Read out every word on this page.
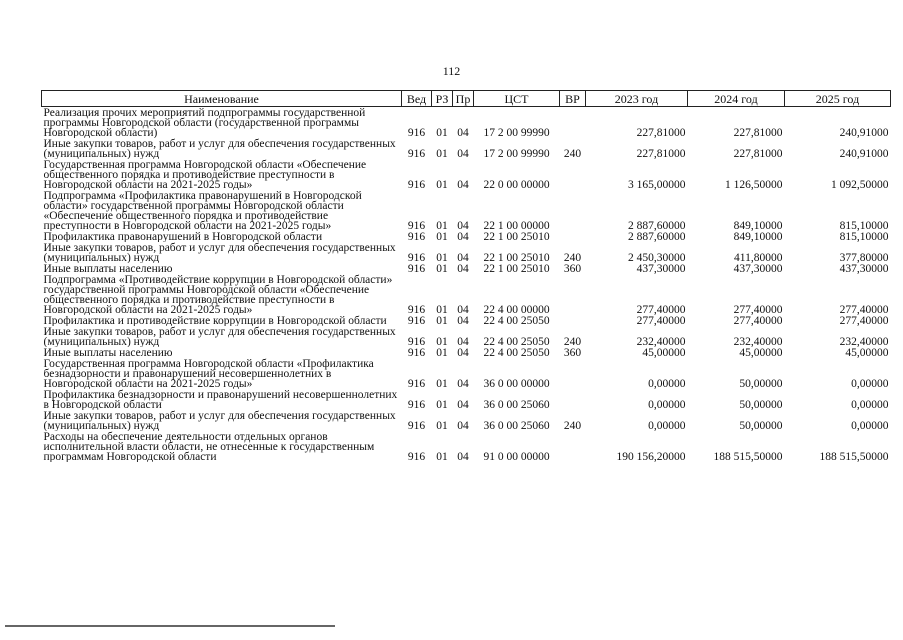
112
Наименование	Вед	РЗ	Пр	ЦСТ	ВР	2023 год	2024 год	2025 год
Реализация прочих мероприятий подпрограммы государственной программы Новгородской области (государственной программы Новгородской области)	916	01	04	17 2 00 99990		227,81000	227,81000	240,91000
Иные закупки товаров, работ и услуг для обеспечения государственных (муниципальных) нужд	916	01	04	17 2 00 99990	240	227,81000	227,81000	240,91000
Государственная программа Новгородской области «Обеспечение общественного порядка и противодействие преступности в Новгородской области на 2021-2025 годы»	916	01	04	22 0 00 00000		3 165,00000	1 126,50000	1 092,50000
Подпрограмма «Профилактика правонарушений в Новгородской области» государственной программы Новгородской области «Обеспечение общественного порядка и противодействие преступности в Новгородской области на 2021-2025 годы»	916	01	04	22 1 00 00000		2 887,60000	849,10000	815,10000
Профилактика правонарушений в Новгородской области	916	01	04	22 1 00 25010		2 887,60000	849,10000	815,10000
Иные закупки товаров, работ и услуг для обеспечения государственных (муниципальных) нужд	916	01	04	22 1 00 25010	240	2 450,30000	411,80000	377,80000
Иные выплаты населению	916	01	04	22 1 00 25010	360	437,30000	437,30000	437,30000
Подпрограмма «Противодействие коррупции в Новгородской области» государственной программы Новгородской области «Обеспечение общественного порядка и противодействие преступности в Новгородской области на 2021-2025 годы»	916	01	04	22 4 00 00000		277,40000	277,40000	277,40000
Профилактика и противодействие коррупции в Новгородской области	916	01	04	22 4 00 25050		277,40000	277,40000	277,40000
Иные закупки товаров, работ и услуг для обеспечения государственных (муниципальных) нужд	916	01	04	22 4 00 25050	240	232,40000	232,40000	232,40000
Иные выплаты населению	916	01	04	22 4 00 25050	360	45,00000	45,00000	45,00000
Государственная программа Новгородской области «Профилактика безнадзорности и правонарушений несовершеннолетних в Новгородской области на 2021-2025 годы»	916	01	04	36 0 00 00000		0,00000	50,00000	0,00000
Профилактика безнадзорности и правонарушений несовершеннолетних в Новгородской области	916	01	04	36 0 00 25060		0,00000	50,00000	0,00000
Иные закупки товаров, работ и услуг для обеспечения государственных (муниципальных) нужд	916	01	04	36 0 00 25060	240	0,00000	50,00000	0,00000
Расходы на обеспечение деятельности отдельных органов исполнительной власти области, не отнесенные к государственным программам Новгородской области	916	01	04	91 0 00 00000		190 156,20000	188 515,50000	188 515,50000
